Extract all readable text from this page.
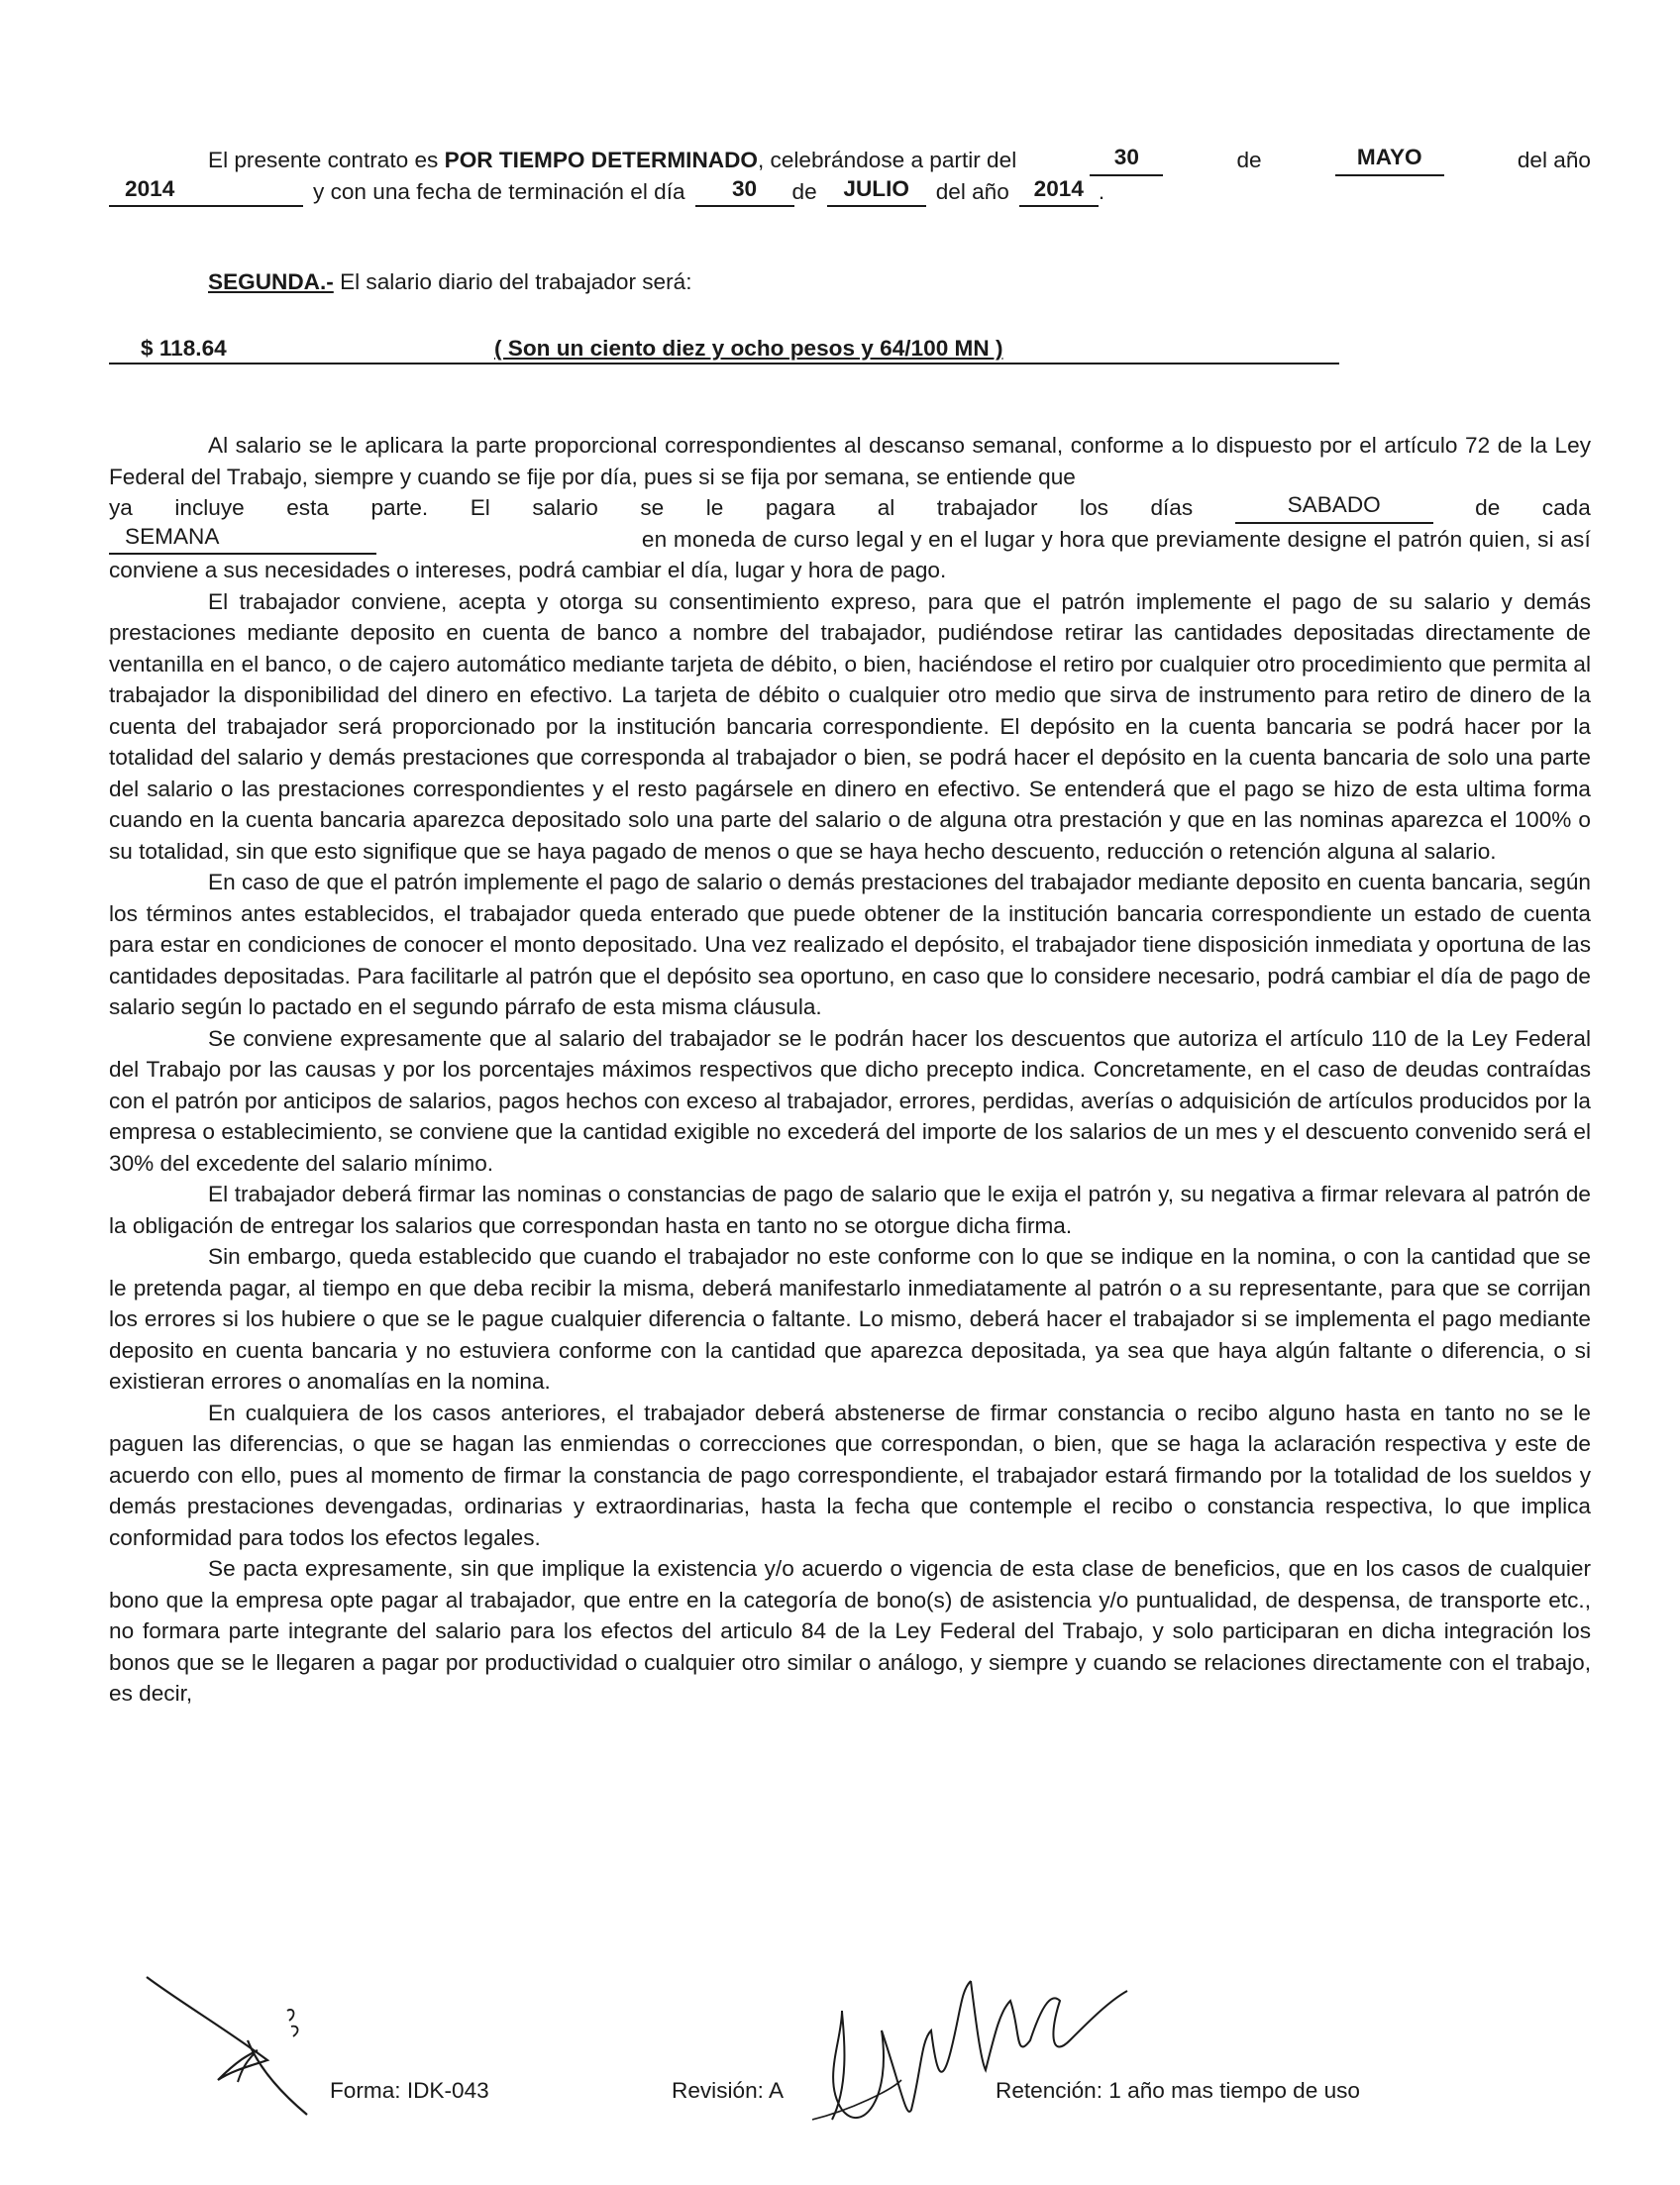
El presente contrato es POR TIEMPO DETERMINADO, celebrándose a partir del	30	de	MAYO	del año
2014	y con una fecha de terminación el día	30	de	JULIO	del año	2014 .
SEGUNDA.- El salario diario del trabajador será:
$ 118.64	( Son un ciento diez y ocho pesos y 64/100 MN )

Al salario se le aplicara la parte proporcional correspondientes al descanso semanal, conforme a lo dispuesto por el artículo 72 de la Ley Federal del Trabajo, siempre y cuando se fije por día, pues si se fija por semana, se entiende que

ya incluye esta parte. El salario se le pagara al trabajador los días	SABADO	de cada
SEMANA	en moneda de curso legal y en el lugar y hora que previamente designe el patrón quien, si así
conviene a sus necesidades o intereses, podrá cambiar el día, lugar y hora de pago.

El trabajador conviene, acepta y otorga su consentimiento expreso, para que el patrón implemente el pago de su salario y demás prestaciones mediante deposito en cuenta de banco a nombre del trabajador, pudiéndose retirar las cantidades depositadas directamente de ventanilla en el banco, o de cajero automático mediante tarjeta de débito, o bien, haciéndose el retiro por cualquier otro procedimiento que permita al trabajador la disponibilidad del dinero en efectivo. La tarjeta de débito o cualquier otro medio que sirva de instrumento para retiro de dinero de la cuenta del trabajador será proporcionado por la institución bancaria correspondiente. El depósito en la cuenta bancaria se podrá hacer por la totalidad del salario y demás prestaciones que corresponda al trabajador o bien, se podrá hacer el depósito en la cuenta bancaria de solo una parte del salario o las prestaciones correspondientes y el resto pagársele en dinero en efectivo. Se entenderá que el pago se hizo de esta ultima forma cuando en la cuenta bancaria aparezca depositado solo una parte del salario o de alguna otra prestación y que en las nominas aparezca el 100% o su totalidad, sin que esto signifique que se haya pagado de menos o que se haya hecho descuento, reducción o retención alguna al salario.

En caso de que el patrón implemente el pago de salario o demás prestaciones del trabajador mediante deposito en cuenta bancaria, según los términos antes establecidos, el trabajador queda enterado que puede obtener de la institución bancaria correspondiente un estado de cuenta para estar en condiciones de conocer el monto depositado. Una vez realizado el depósito, el trabajador tiene disposición inmediata y oportuna de las cantidades depositadas. Para facilitarle al patrón que el depósito sea oportuno, en caso que lo considere necesario, podrá cambiar el día de pago de salario según lo pactado en el segundo párrafo de esta misma cláusula.

Se conviene expresamente que al salario del trabajador se le podrán hacer los descuentos que autoriza el artículo 110 de la Ley Federal del Trabajo por las causas y por los porcentajes máximos respectivos que dicho precepto indica. Concretamente, en el caso de deudas contraídas con el patrón por anticipos de salarios, pagos hechos con exceso al trabajador, errores, perdidas, averías o adquisición de artículos producidos por la empresa o establecimiento, se conviene que la cantidad exigible no excederá del importe de los salarios de un mes y el descuento convenido será el 30% del excedente del salario mínimo.

El trabajador deberá firmar las nominas o constancias de pago de salario que le exija el patrón y, su negativa a firmar relevara al patrón de la obligación de entregar los salarios que correspondan hasta en tanto no se otorgue dicha firma.

Sin embargo, queda establecido que cuando el trabajador no este conforme con lo que se indique en la nomina, o con la cantidad que se le pretenda pagar, al tiempo en que deba recibir la misma, deberá manifestarlo inmediatamente al patrón o a su representante, para que se corrijan los errores si los hubiere o que se le pague cualquier diferencia o faltante. Lo mismo, deberá hacer el trabajador si se implementa el pago mediante deposito en cuenta bancaria y no estuviera conforme con la cantidad que aparezca depositada, ya sea que haya algún faltante o diferencia, o si existieran errores o anomalías en la nomina.

En cualquiera de los casos anteriores, el trabajador deberá abstenerse de firmar constancia o recibo alguno hasta en tanto no se le paguen las diferencias, o que se hagan las enmiendas o correcciones que correspondan, o bien, que se haga la aclaración respectiva y este de acuerdo con ello, pues al momento de firmar la constancia de pago correspondiente, el trabajador estará firmando por la totalidad de los sueldos y demás prestaciones devengadas, ordinarias y extraordinarias, hasta la fecha que contemple el recibo o constancia respectiva, lo que implica conformidad para todos los efectos legales.

Se pacta expresamente, sin que implique la existencia y/o acuerdo o vigencia de esta clase de beneficios, que en los casos de cualquier bono que la empresa opte pagar al trabajador, que entre en la categoría de bono(s) de asistencia y/o puntualidad, de despensa, de transporte etc., no formara parte integrante del salario para los efectos del articulo 84 de la Ley Federal del Trabajo, y solo participaran en dicha integración los bonos que se le llegaren a pagar por productividad o cualquier otro similar o análogo, y siempre y cuando se relaciones directamente con el trabajo, es decir,

Forma: IDK-043	Revisión: A	Retención: 1 año mas tiempo de uso
